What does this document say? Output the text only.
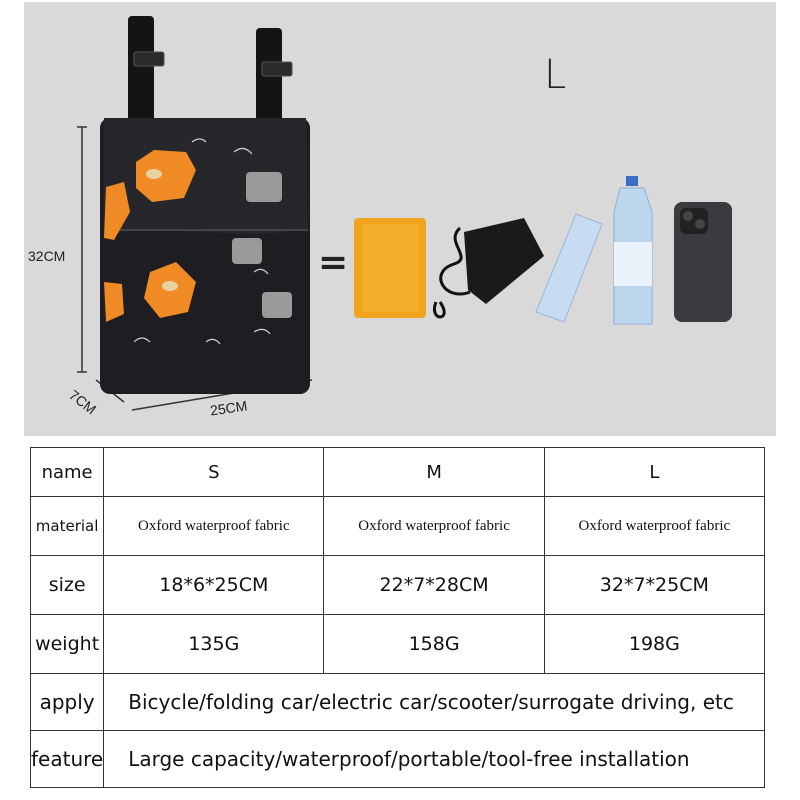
L
32CM
7CM	25CM
=
name	S	M	L
material	Oxford waterproof fabric	Oxford waterproof fabric	Oxford waterproof fabric
size	18*6*25CM	22*7*28CM	32*7*25CM
weight	135G	158G	198G
apply	Bicycle/folding car/electric car/scooter/surrogate driving, etc		
feature	Large capacity/waterproof/portable/tool-free installation		
